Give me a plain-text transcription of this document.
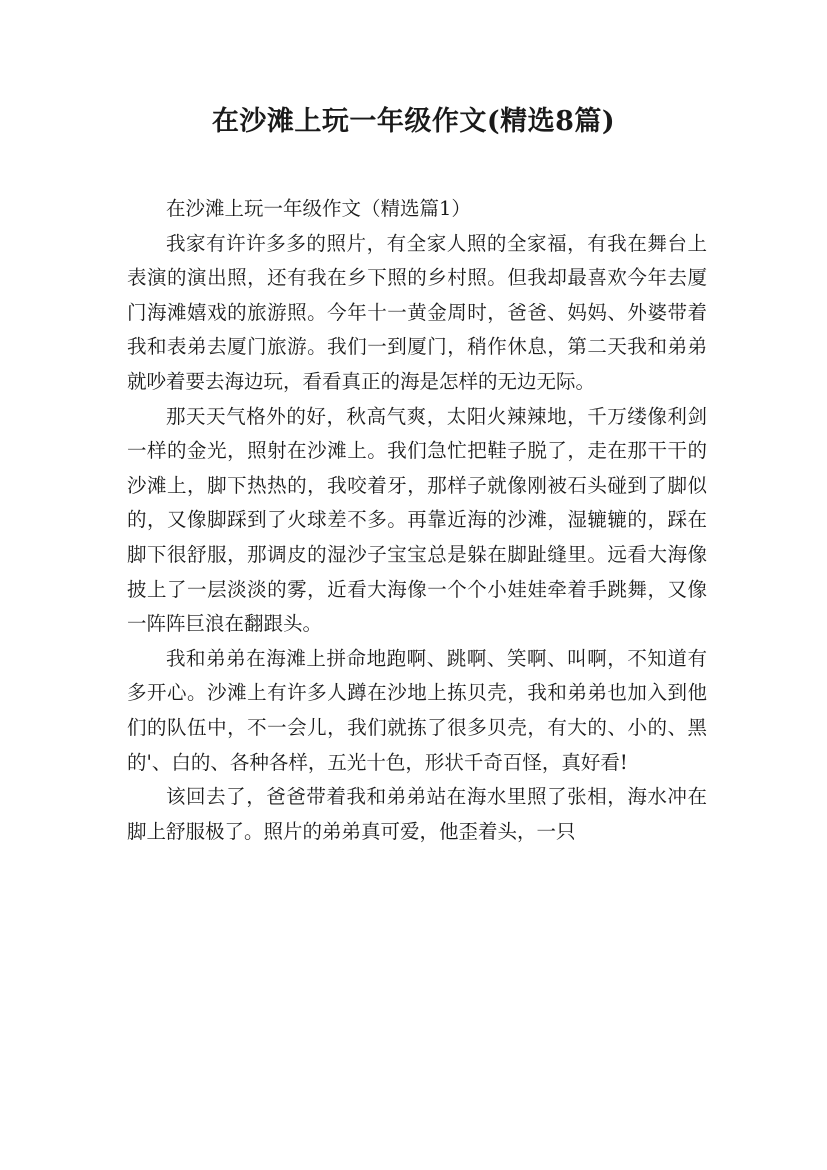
在沙滩上玩一年级作文(精选8篇)
在沙滩上玩一年级作文（精选篇1）

我家有许许多多的照片，有全家人照的全家福，有我在舞台上表演的演出照，还有我在乡下照的乡村照。但我却最喜欢今年去厦门海滩嬉戏的旅游照。今年十一黄金周时，爸爸、妈妈、外婆带着我和表弟去厦门旅游。我们一到厦门，稍作休息，第二天我和弟弟就吵着要去海边玩，看看真正的海是怎样的无边无际。

那天天气格外的好，秋高气爽，太阳火辣辣地，千万缕像利剑一样的金光，照射在沙滩上。我们急忙把鞋子脱了，走在那干干的沙滩上，脚下热热的，我咬着牙，那样子就像刚被石头碰到了脚似的，又像脚踩到了火球差不多。再靠近海的沙滩，湿辘辘的，踩在脚下很舒服，那调皮的湿沙子宝宝总是躲在脚趾缝里。远看大海像披上了一层淡淡的雾，近看大海像一个个小娃娃牵着手跳舞，又像一阵阵巨浪在翻跟头。

我和弟弟在海滩上拼命地跑啊、跳啊、笑啊、叫啊，不知道有多开心。沙滩上有许多人蹲在沙地上拣贝壳，我和弟弟也加入到他们的队伍中，不一会儿，我们就拣了很多贝壳，有大的、小的、黑的'、白的、各种各样，五光十色，形状千奇百怪，真好看!

该回去了，爸爸带着我和弟弟站在海水里照了张相，海水冲在脚上舒服极了。照片的弟弟真可爱，他歪着头，一只
